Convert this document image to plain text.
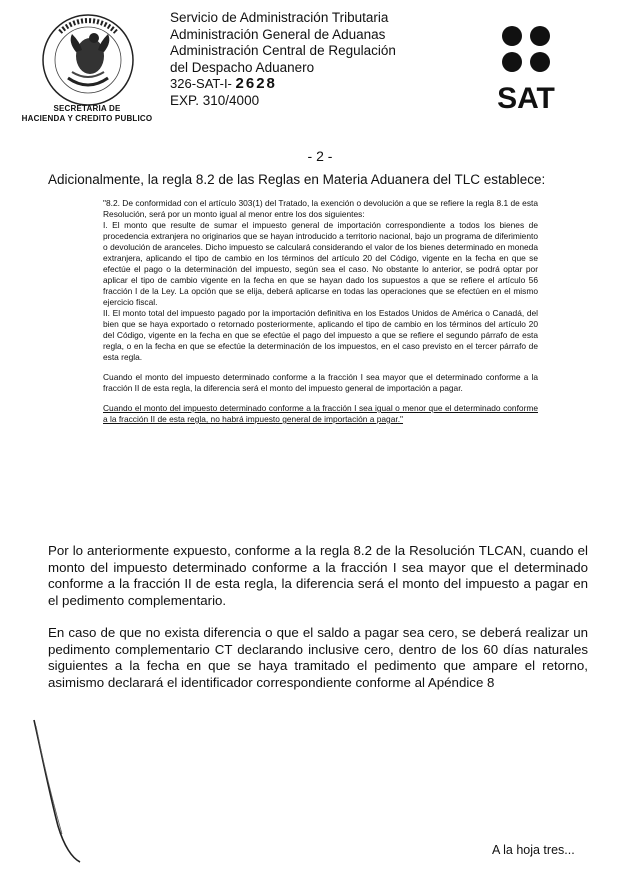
SECRETARIA DE
HACIENDA Y CREDITO PUBLICO
Servicio de Administración Tributaria
Administración General de Aduanas
Administración Central de Regulación
del Despacho Aduanero
326-SAT-I- 2628
EXP. 310/4000	SAT
- 2 -
Adicionalmente, la regla 8.2 de las Reglas en Materia Aduanera del TLC establece:

"8.2. De conformidad con el artículo 303(1) del Tratado, la exención o devolución a que se refiere la regla 8.1 de esta Resolución, será por un monto igual al menor entre los dos siguientes:

I. El monto que resulte de sumar el impuesto general de importación correspondiente a todos los bienes de procedencia extranjera no originarios que se hayan introducido a territorio nacional, bajo un programa de diferimiento o devolución de aranceles. Dicho impuesto se calculará considerando el valor de los bienes determinado en moneda extranjera, aplicando el tipo de cambio en los términos del artículo 20 del Código, vigente en la fecha en que se efectúe el pago o la determinación del impuesto, según sea el caso. No obstante lo anterior, se podrá optar por aplicar el tipo de cambio vigente en la fecha en que se hayan dado los supuestos a que se refiere el artículo 56 fracción I de la Ley. La opción que se elija, deberá aplicarse en todas las operaciones que se efectúen en el mismo ejercicio fiscal.

II. El monto total del impuesto pagado por la importación definitiva en los Estados Unidos de América o Canadá, del bien que se haya exportado o retornado posteriormente, aplicando el tipo de cambio en los términos del artículo 20 del Código, vigente en la fecha en que se efectúe el pago del impuesto a que se refiere el segundo párrafo de esta regla, o en la fecha en que se efectúe la determinación de los impuestos, en el caso previsto en el tercer párrafo de esta regla.

Cuando el monto del impuesto determinado conforme a la fracción I sea mayor que el determinado conforme a la fracción II de esta regla, la diferencia será el monto del impuesto general de importación a pagar.

Cuando el monto del impuesto determinado conforme a la fracción I sea igual o menor que el determinado conforme a la fracción II de esta regla, no habrá impuesto general de importación a pagar."

Por lo anteriormente expuesto, conforme a la regla 8.2 de la Resolución TLCAN, cuando el monto del impuesto determinado conforme a la fracción I sea mayor que el determinado conforme a la fracción II de esta regla, la diferencia será el monto del impuesto a pagar en el pedimento complementario.
En caso de que no exista diferencia o que el saldo a pagar sea cero, se deberá realizar un pedimento complementario CT declarando inclusive cero, dentro de los 60 días naturales siguientes a la fecha en que se haya tramitado el pedimento que ampare el retorno, asimismo declarará el identificador correspondiente conforme al Apéndice 8
A la hoja tres...
